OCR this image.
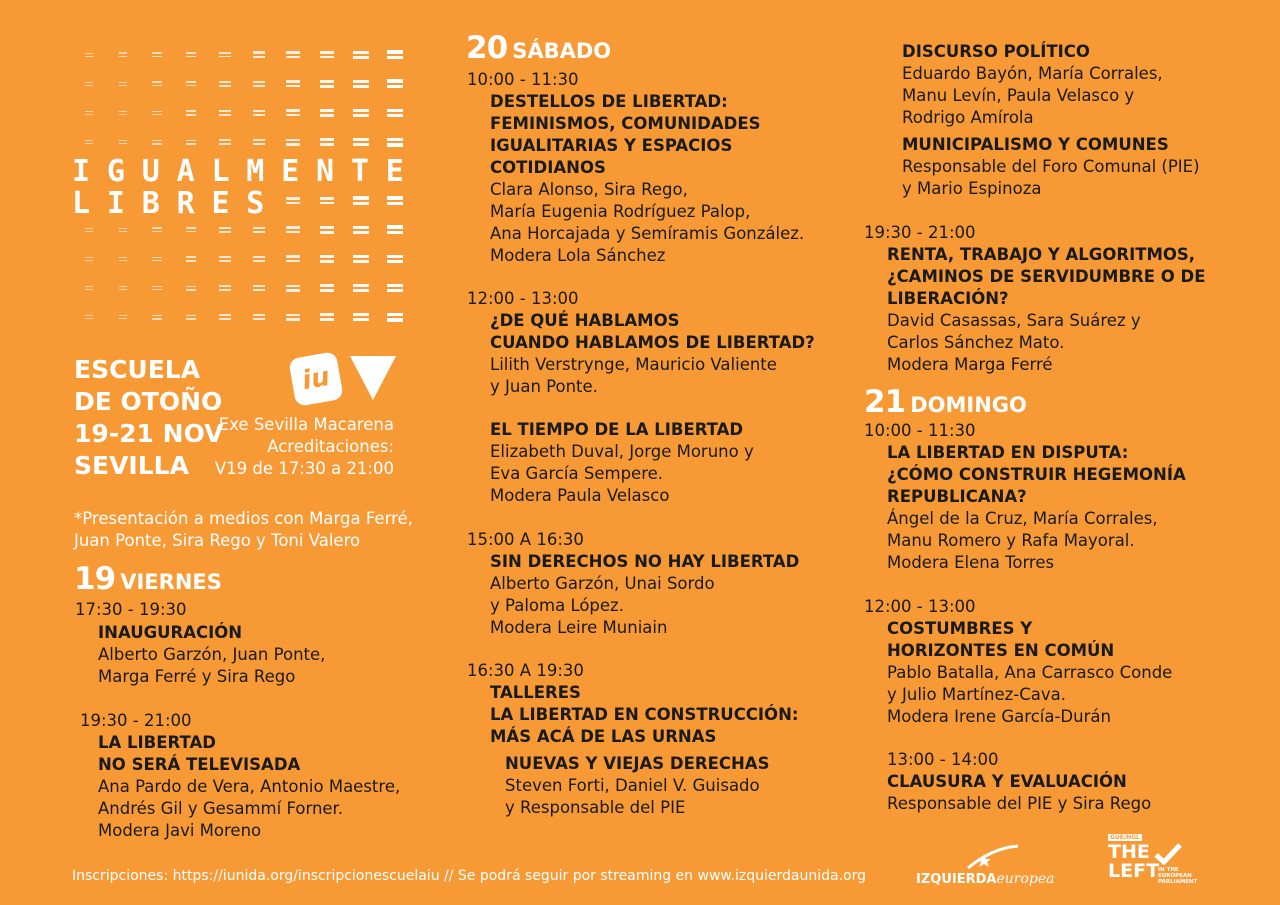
IGUALMENTE
LIBRES
ESCUELA
DE OTOÑO
19-21 NOV
SEVILLA
iu
Exe Sevilla Macarena
Acreditaciones:
V19 de 17:30 a 21:00
*Presentación a medios con Marga Ferré,
Juan Ponte, Sira Rego y Toni Valero
19 VIERNES
17:30 - 19:30
INAUGURACIÓN
Alberto Garzón, Juan Ponte,
Marga Ferré y Sira Rego
19:30 - 21:00
LA LIBERTAD
NO SERÁ TELEVISADA
Ana Pardo de Vera, Antonio Maestre,
Andrés Gil y Gesammí Forner.
Modera Javi Moreno
20 SÁBADO
10:00 - 11:30
DESTELLOS DE LIBERTAD:
FEMINISMOS, COMUNIDADES
IGUALITARIAS Y ESPACIOS
COTIDIANOS
Clara Alonso, Sira Rego,
María Eugenia Rodríguez Palop,
Ana Horcajada y Semíramis González.
Modera Lola Sánchez
12:00 - 13:00
¿DE QUÉ HABLAMOS
CUANDO HABLAMOS DE LIBERTAD?
Lilith Verstrynge, Mauricio Valiente
y Juan Ponte.
EL TIEMPO DE LA LIBERTAD
Elizabeth Duval, Jorge Moruno y
Eva García Sempere.
Modera Paula Velasco
15:00 A 16:30
SIN DERECHOS NO HAY LIBERTAD
Alberto Garzón, Unai Sordo
y Paloma López.
Modera Leire Muniain
16:30 A 19:30
TALLERES
LA LIBERTAD EN CONSTRUCCIÓN:
MÁS ACÁ DE LAS URNAS
NUEVAS Y VIEJAS DERECHAS
Steven Forti, Daniel V. Guisado
y Responsable del PIE
DISCURSO POLÍTICO
Eduardo Bayón, María Corrales,
Manu Levín, Paula Velasco y
Rodrigo Amírola
MUNICIPALISMO Y COMUNES
Responsable del Foro Comunal (PIE)
y Mario Espinoza
19:30 - 21:00
RENTA, TRABAJO Y ALGORITMOS,
¿CAMINOS DE SERVIDUMBRE O DE
LIBERACIÓN?
David Casassas, Sara Suárez y
Carlos Sánchez Mato.
Modera Marga Ferré
21 DOMINGO
10:00 - 11:30
LA LIBERTAD EN DISPUTA:
¿CÓMO CONSTRUIR HEGEMONÍA
REPUBLICANA?
Ángel de la Cruz, María Corrales,
Manu Romero y Rafa Mayoral.
Modera Elena Torres
12:00 - 13:00
COSTUMBRES Y
HORIZONTES EN COMÚN
Pablo Batalla, Ana Carrasco Conde
y Julio Martínez-Cava.
Modera Irene García-Durán
13:00 - 14:00
CLAUSURA Y EVALUACIÓN
Responsable del PIE y Sira Rego
Inscripciones: https://iunida.org/inscripcionescuelaiu // Se podrá seguir por streaming en www.izquierdaunida.org	IZQUIERDAeuropea
GUE/NGL
THE
LEFT
IN THE
EUROPEAN
PARLIAMENT
